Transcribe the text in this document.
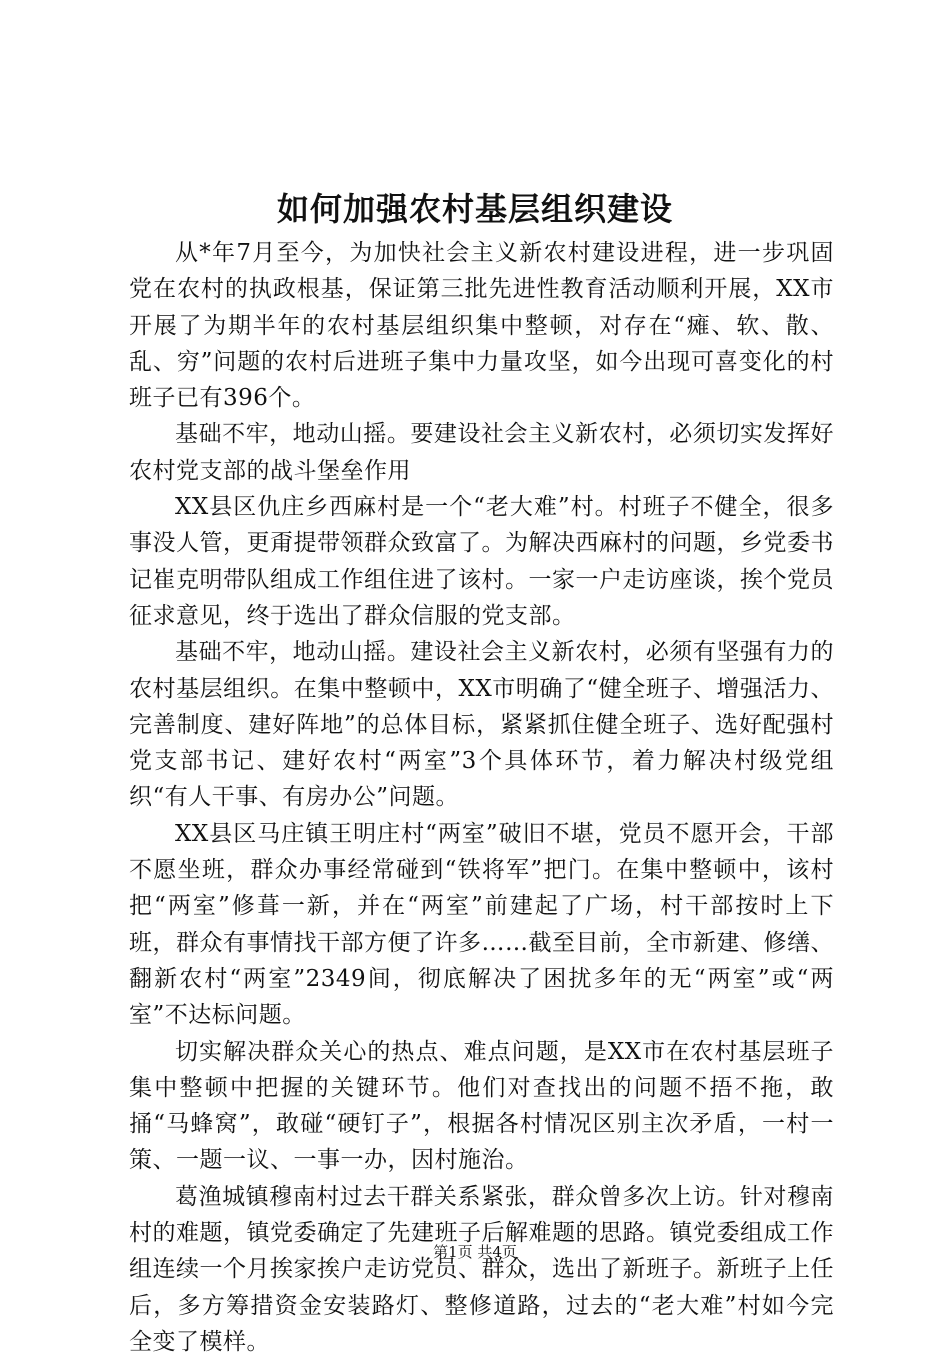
如何加强农村基层组织建设

从*年7月至今，为加快社会主义新农村建设进程，进一步巩固党在农村的执政根基，保证第三批先进性教育活动顺利开展，XX市开展了为期半年的农村基层组织集中整顿，对存在“瘫、软、散、乱、穷”问题的农村后进班子集中力量攻坚，如今出现可喜变化的村班子已有396个。

基础不牢，地动山摇。要建设社会主义新农村，必须切实发挥好农村党支部的战斗堡垒作用

XX县区仇庄乡西麻村是一个“老大难”村。村班子不健全，很多事没人管，更甭提带领群众致富了。为解决西麻村的问题，乡党委书记崔克明带队组成工作组住进了该村。一家一户走访座谈，挨个党员征求意见，终于选出了群众信服的党支部。

基础不牢，地动山摇。建设社会主义新农村，必须有坚强有力的农村基层组织。在集中整顿中，XX市明确了“健全班子、增强活力、完善制度、建好阵地”的总体目标，紧紧抓住健全班子、选好配强村党支部书记、建好农村“两室”3个具体环节，着力解决村级党组织“有人干事、有房办公”问题。

XX县区马庄镇王明庄村“两室”破旧不堪，党员不愿开会，干部不愿坐班，群众办事经常碰到“铁将军”把门。在集中整顿中，该村把“两室”修葺一新，并在“两室”前建起了广场，村干部按时上下班，群众有事情找干部方便了许多……截至目前，全市新建、修缮、翻新农村“两室”2349间，彻底解决了困扰多年的无“两室”或“两室”不达标问题。

切实解决群众关心的热点、难点问题，是XX市在农村基层班子集中整顿中把握的关键环节。他们对查找出的问题不捂不拖，敢捅“马蜂窝”，敢碰“硬钉子”，根据各村情况区别主次矛盾，一村一策、一题一议、一事一办，因村施治。

葛渔城镇穆南村过去干群关系紧张，群众曾多次上访。针对穆南村的难题，镇党委确定了先建班子后解难题的思路。镇党委组成工作组连续一个月挨家挨户走访党员、群众，选出了新班子。新班子上任后，多方筹措资金安装路灯、整修道路，过去的“老大难”村如今完全变了模样。

第1页 共4页
